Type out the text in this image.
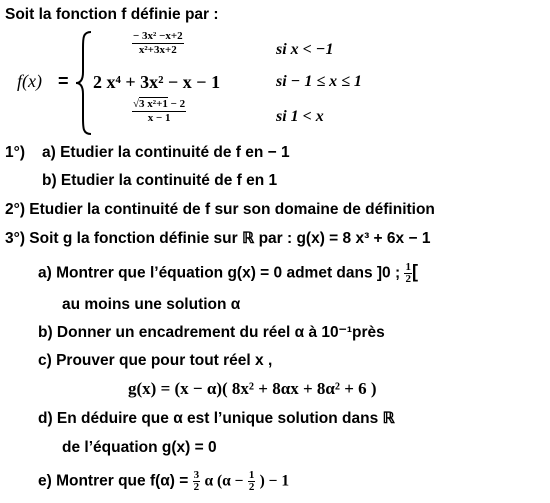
Soit la fonction f définie par :
f(x) =
$\frac{\text{− 3x² −x+2}}{\text{x²+3x+2}}$	si x < −1
2 x⁴ + 3x² − x − 1	si − 1 ≤ x ≤ 1
$\frac{\text{√3 x²+1 − 2}}{x - 1}$	si 1 < x
1°) a) Etudier la continuité de f en − 1
b) Etudier la continuité de f en 1
2°) Etudier la continuité de f sur son domaine de définition
3°) Soit g la fonction définie sur ℝ par : g(x) = 8 x³ + 6x − 1
a) Montrer que l’équation g(x) = 0 admet dans ]0 ; $\frac{1}{2}$ [
au moins une solution α
b) Donner un encadrement du réel α à 10⁻¹près
c) Prouver que pour tout réel x ,
g(x) = (x − α)( 8x² + 8αx + 8α² + 6 )
d) En déduire que α est l’unique solution dans ℝ
de l’équation g(x) = 0
e) Montrer que $f(\alpha) = \frac{3}{2}$ α ($\alpha - \frac{1}{2}$ ) − 1
